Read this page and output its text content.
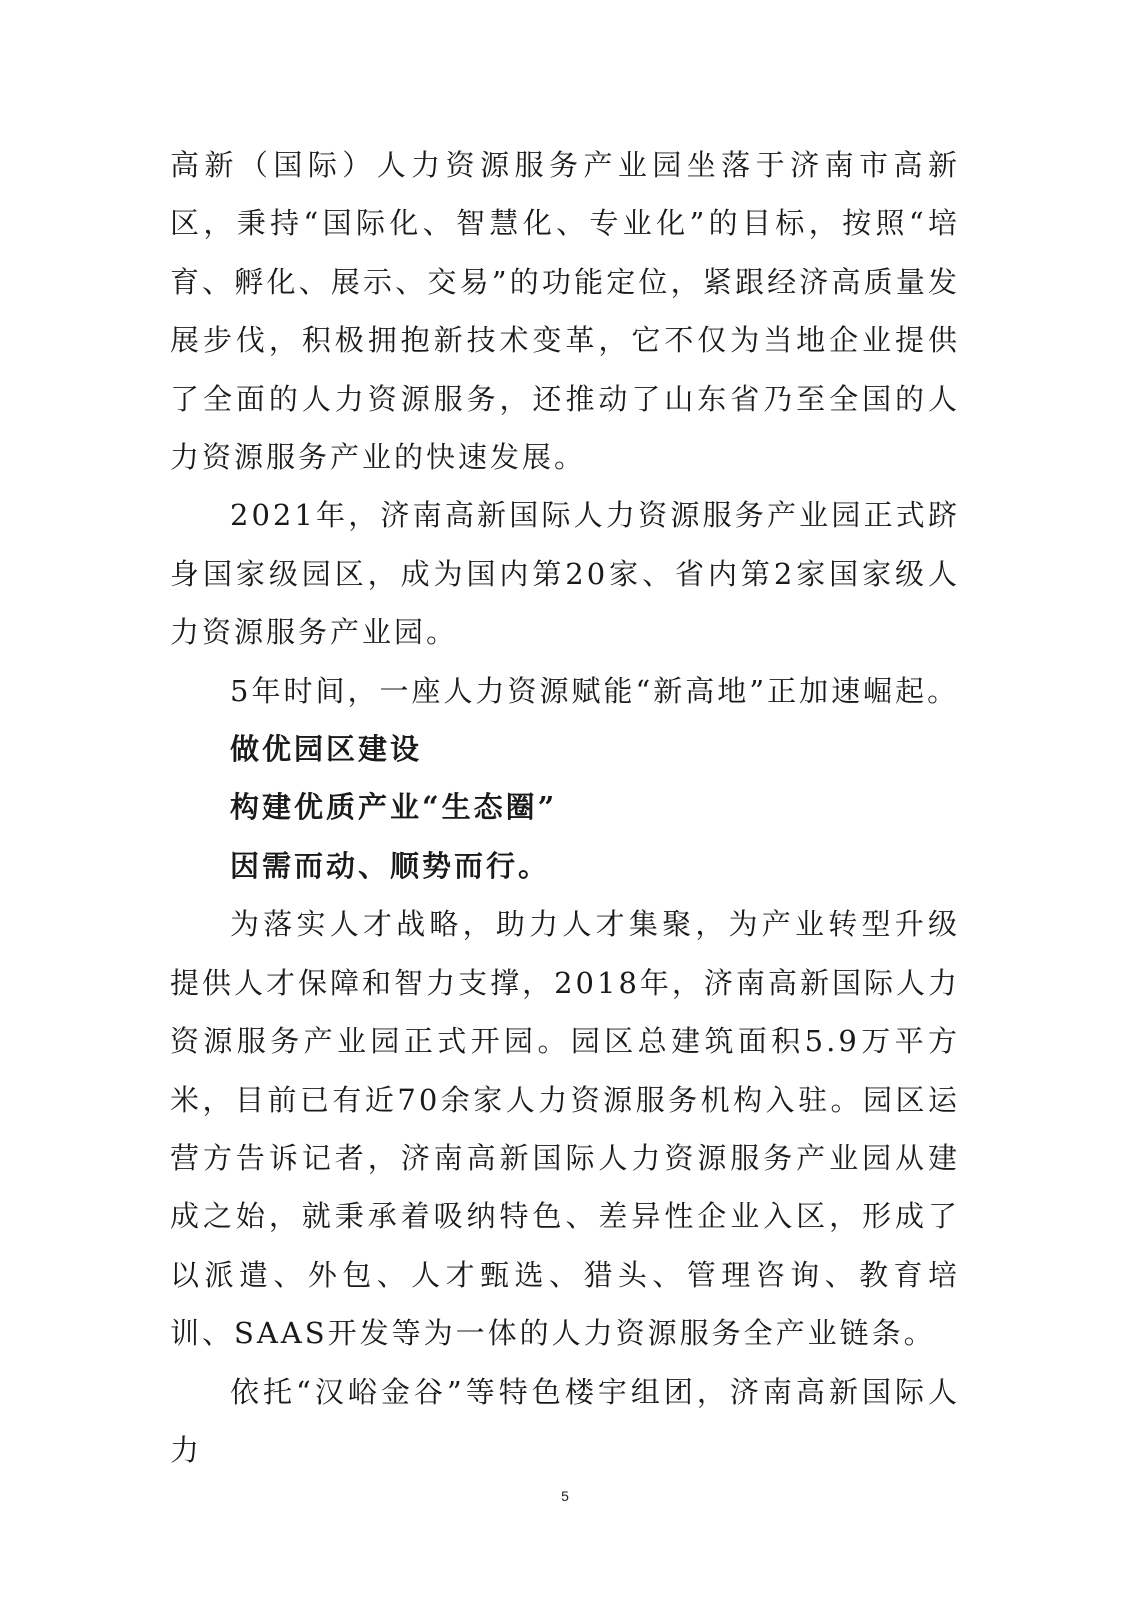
高新（国际）人力资源服务产业园坐落于济南市高新区，秉持“国际化、智慧化、专业化”的目标，按照“培育、孵化、展示、交易”的功能定位，紧跟经济高质量发展步伐，积极拥抱新技术变革，它不仅为当地企业提供了全面的人力资源服务，还推动了山东省乃至全国的人力资源服务产业的快速发展。

2021年，济南高新国际人力资源服务产业园正式跻身国家级园区，成为国内第20家、省内第2家国家级人力资源服务产业园。

5年时间，一座人力资源赋能“新高地”正加速崛起。

做优园区建设

构建优质产业“生态圈”

因需而动、顺势而行。

为落实人才战略，助力人才集聚，为产业转型升级提供人才保障和智力支撑，2018年，济南高新国际人力资源服务产业园正式开园。园区总建筑面积5.9万平方米，目前已有近70余家人力资源服务机构入驻。园区运营方告诉记者，济南高新国际人力资源服务产业园从建成之始，就秉承着吸纳特色、差异性企业入区，形成了以派遣、外包、人才甄选、猎头、管理咨询、教育培训、SAAS开发等为一体的人力资源服务全产业链条。

依托“汉峪金谷”等特色楼宇组团，济南高新国际人力

5
